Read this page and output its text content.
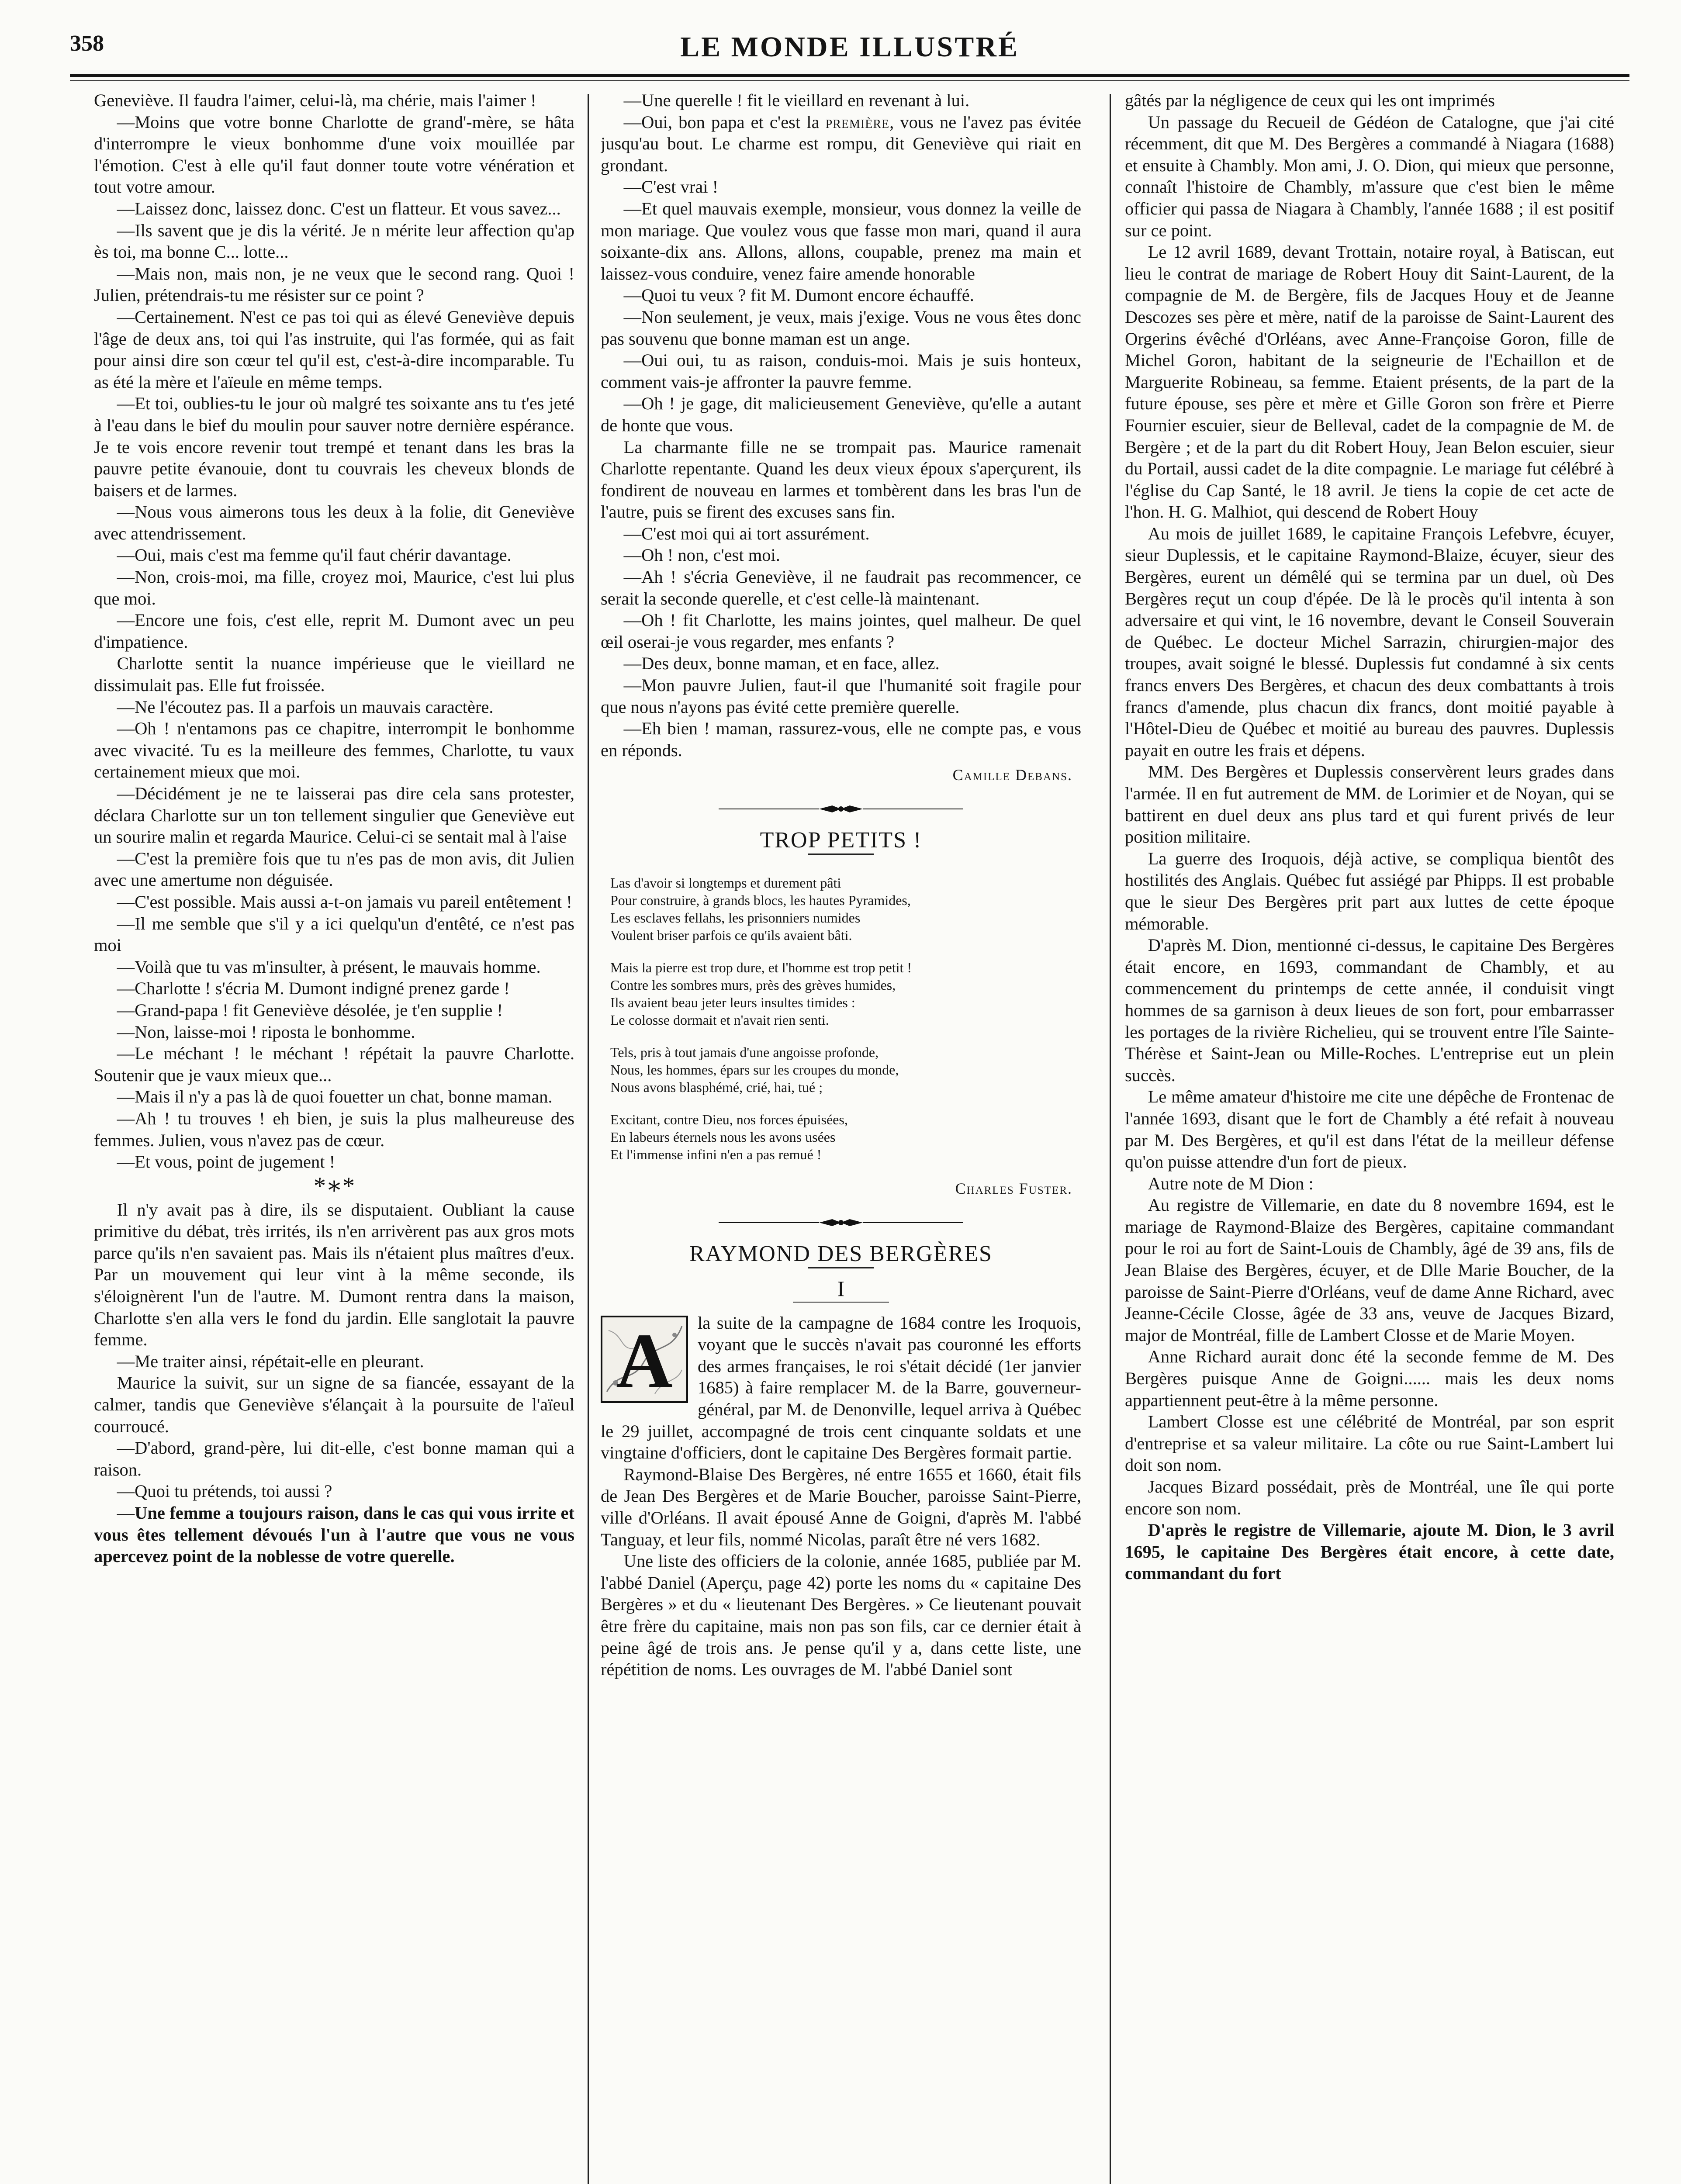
358	LE MONDE ILLUSTRÉ

Geneviève. Il faudra l'aimer, celui-là, ma chérie, mais l'aimer !

—Moins que votre bonne Charlotte de grand'-mère, se hâta d'interrompre le vieux bonhomme d'une voix mouillée par l'émotion. C'est à elle qu'il faut donner toute votre vénération et tout votre amour.

—Laissez donc, laissez donc. C'est un flatteur. Et vous savez...

—Ils savent que je dis la vérité. Je n mérite leur affection qu'ap ès toi, ma bonne C... lotte...

—Mais non, mais non, je ne veux que le second rang. Quoi ! Julien, prétendrais-tu me résister sur ce point ?

—Certainement. N'est ce pas toi qui as élevé Geneviève depuis l'âge de deux ans, toi qui l'as instruite, qui l'as formée, qui as fait pour ainsi dire son cœur tel qu'il est, c'est-à-dire incomparable. Tu as été la mère et l'aïeule en même temps.

—Et toi, oublies-tu le jour où malgré tes soixante ans tu t'es jeté à l'eau dans le bief du moulin pour sauver notre dernière espérance. Je te vois encore revenir tout trempé et tenant dans les bras la pauvre petite évanouie, dont tu couvrais les cheveux blonds de baisers et de larmes.

—Nous vous aimerons tous les deux à la folie, dit Geneviève avec attendrissement.

—Oui, mais c'est ma femme qu'il faut chérir davantage.

—Non, crois-moi, ma fille, croyez moi, Maurice, c'est lui plus que moi.

—Encore une fois, c'est elle, reprit M. Dumont avec un peu d'impatience.

Charlotte sentit la nuance impérieuse que le vieillard ne dissimulait pas. Elle fut froissée.

—Ne l'écoutez pas. Il a parfois un mauvais caractère.

—Oh ! n'entamons pas ce chapitre, interrompit le bonhomme avec vivacité. Tu es la meilleure des femmes, Charlotte, tu vaux certainement mieux que moi.

—Décidément je ne te laisserai pas dire cela sans protester, déclara Charlotte sur un ton tellement singulier que Geneviève eut un sourire malin et regarda Maurice. Celui-ci se sentait mal à l'aise

—C'est la première fois que tu n'es pas de mon avis, dit Julien avec une amertume non déguisée.

—C'est possible. Mais aussi a-t-on jamais vu pareil entêtement !

—Il me semble que s'il y a ici quelqu'un d'entêté, ce n'est pas moi

—Voilà que tu vas m'insulter, à présent, le mauvais homme.

—Charlotte ! s'écria M. Dumont indigné prenez garde !

—Grand-papa ! fit Geneviève désolée, je t'en supplie !

—Non, laisse-moi ! riposta le bonhomme.

—Le méchant ! le méchant ! répétait la pauvre Charlotte. Soutenir que je vaux mieux que...

—Mais il n'y a pas là de quoi fouetter un chat, bonne maman.

—Ah ! tu trouves ! eh bien, je suis la plus malheureuse des femmes. Julien, vous n'avez pas de cœur.

—Et vous, point de jugement !

*∗*

Il n'y avait pas à dire, ils se disputaient. Oubliant la cause primitive du débat, très irrités, ils n'en arrivèrent pas aux gros mots parce qu'ils n'en savaient pas. Mais ils n'étaient plus maîtres d'eux. Par un mouvement qui leur vint à la même seconde, ils s'éloignèrent l'un de l'autre. M. Dumont rentra dans la maison, Charlotte s'en alla vers le fond du jardin. Elle sanglotait la pauvre femme.

—Me traiter ainsi, répétait-elle en pleurant.

Maurice la suivit, sur un signe de sa fiancée, essayant de la calmer, tandis que Geneviève s'élançait à la poursuite de l'aïeul courroucé.

—D'abord, grand-père, lui dit-elle, c'est bonne maman qui a raison.

—Quoi tu prétends, toi aussi ?

—Une femme a toujours raison, dans le cas qui vous irrite et vous êtes tellement dévoués l'un à l'autre que vous ne vous apercevez point de la noblesse de votre querelle.

—Une querelle ! fit le vieillard en revenant à lui.

—Oui, bon papa et c'est la première, vous ne l'avez pas évitée jusqu'au bout. Le charme est rompu, dit Geneviève qui riait en grondant.

—C'est vrai !

—Et quel mauvais exemple, monsieur, vous donnez la veille de mon mariage. Que voulez vous que fasse mon mari, quand il aura soixante-dix ans. Allons, allons, coupable, prenez ma main et laissez-vous conduire, venez faire amende honorable

—Quoi tu veux ? fit M. Dumont encore échauffé.

—Non seulement, je veux, mais j'exige. Vous ne vous êtes donc pas souvenu que bonne maman est un ange.

—Oui oui, tu as raison, conduis-moi. Mais je suis honteux, comment vais-je affronter la pauvre femme.

—Oh ! je gage, dit malicieusement Geneviève, qu'elle a autant de honte que vous.

La charmante fille ne se trompait pas. Maurice ramenait Charlotte repentante. Quand les deux vieux époux s'aperçurent, ils fondirent de nouveau en larmes et tombèrent dans les bras l'un de l'autre, puis se firent des excuses sans fin.

—C'est moi qui ai tort assurément.

—Oh ! non, c'est moi.

—Ah ! s'écria Geneviève, il ne faudrait pas recommencer, ce serait la seconde querelle, et c'est celle-là maintenant.

—Oh ! fit Charlotte, les mains jointes, quel malheur. De quel œil oserai-je vous regarder, mes enfants ?

—Des deux, bonne maman, et en face, allez.

—Mon pauvre Julien, faut-il que l'humanité soit fragile pour que nous n'ayons pas évité cette première querelle.

—Eh bien ! maman, rassurez-vous, elle ne compte pas, e vous en réponds.

Camille Debans.

TROP PETITS !

Las d'avoir si longtemps et durement pâti
Pour construire, à grands blocs, les hautes Pyramides,
Les esclaves fellahs, les prisonniers numides
Voulent briser parfois ce qu'ils avaient bâti.
Mais la pierre est trop dure, et l'homme est trop petit !
Contre les sombres murs, près des grèves humides,
Ils avaient beau jeter leurs insultes timides :
Le colosse dormait et n'avait rien senti.
Tels, pris à tout jamais d'une angoisse profonde,
Nous, les hommes, épars sur les croupes du monde,
Nous avons blasphémé, crié, hai, tué ;
Excitant, contre Dieu, nos forces épuisées,
En labeurs éternels nous les avons usées
Et l'immense infini n'en a pas remué !

Charles Fuster.

RAYMOND DES BERGÈRES

I

A	la suite de la campagne de 1684 contre les Iroquois, voyant que le succès n'avait pas couronné les efforts des armes françaises, le roi s'était décidé (1er janvier 1685) à faire remplacer M. de la Barre, gouverneur-général, par M. de Denonville, lequel arriva à Québec le 29 juillet, accompagné de trois cent cinquante soldats et une vingtaine d'officiers, dont le capitaine Des Bergères formait partie.

Raymond-Blaise Des Bergères, né entre 1655 et 1660, était fils de Jean Des Bergères et de Marie Boucher, paroisse Saint-Pierre, ville d'Orléans. Il avait épousé Anne de Goigni, d'après M. l'abbé Tanguay, et leur fils, nommé Nicolas, paraît être né vers 1682.

Une liste des officiers de la colonie, année 1685, publiée par M. l'abbé Daniel (Aperçu, page 42) porte les noms du « capitaine Des Bergères » et du « lieutenant Des Bergères. » Ce lieutenant pouvait être frère du capitaine, mais non pas son fils, car ce dernier était à peine âgé de trois ans. Je pense qu'il y a, dans cette liste, une répétition de noms. Les ouvrages de M. l'abbé Daniel sont

gâtés par la négligence de ceux qui les ont imprimés

Un passage du Recueil de Gédéon de Catalogne, que j'ai cité récemment, dit que M. Des Bergères a commandé à Niagara (1688) et ensuite à Chambly. Mon ami, J. O. Dion, qui mieux que personne, connaît l'histoire de Chambly, m'assure que c'est bien le même officier qui passa de Niagara à Chambly, l'année 1688 ; il est positif sur ce point.

Le 12 avril 1689, devant Trottain, notaire royal, à Batiscan, eut lieu le contrat de mariage de Robert Houy dit Saint-Laurent, de la compagnie de M. de Bergère, fils de Jacques Houy et de Jeanne Descozes ses père et mère, natif de la paroisse de Saint-Laurent des Orgerins évêché d'Orléans, avec Anne-Françoise Goron, fille de Michel Goron, habitant de la seigneurie de l'Echaillon et de Marguerite Robineau, sa femme. Etaient présents, de la part de la future épouse, ses père et mère et Gille Goron son frère et Pierre Fournier escuier, sieur de Belleval, cadet de la compagnie de M. de Bergère ; et de la part du dit Robert Houy, Jean Belon escuier, sieur du Portail, aussi cadet de la dite compagnie. Le mariage fut célébré à l'église du Cap Santé, le 18 avril. Je tiens la copie de cet acte de l'hon. H. G. Malhiot, qui descend de Robert Houy

Au mois de juillet 1689, le capitaine François Lefebvre, écuyer, sieur Duplessis, et le capitaine Raymond-Blaize, écuyer, sieur des Bergères, eurent un démêlé qui se termina par un duel, où Des Bergères reçut un coup d'épée. De là le procès qu'il intenta à son adversaire et qui vint, le 16 novembre, devant le Conseil Souverain de Québec. Le docteur Michel Sarrazin, chirurgien-major des troupes, avait soigné le blessé. Duplessis fut condamné à six cents francs envers Des Bergères, et chacun des deux combattants à trois francs d'amende, plus chacun dix francs, dont moitié payable à l'Hôtel-Dieu de Québec et moitié au bureau des pauvres. Duplessis payait en outre les frais et dépens.

MM. Des Bergères et Duplessis conservèrent leurs grades dans l'armée. Il en fut autrement de MM. de Lorimier et de Noyan, qui se battirent en duel deux ans plus tard et qui furent privés de leur position militaire.

La guerre des Iroquois, déjà active, se compliqua bientôt des hostilités des Anglais. Québec fut assiégé par Phipps. Il est probable que le sieur Des Bergères prit part aux luttes de cette époque mémorable.

D'après M. Dion, mentionné ci-dessus, le capitaine Des Bergères était encore, en 1693, commandant de Chambly, et au commencement du printemps de cette année, il conduisit vingt hommes de sa garnison à deux lieues de son fort, pour embarrasser les portages de la rivière Richelieu, qui se trouvent entre l'île Sainte-Thérèse et Saint-Jean ou Mille-Roches. L'entreprise eut un plein succès.

Le même amateur d'histoire me cite une dépêche de Frontenac de l'année 1693, disant que le fort de Chambly a été refait à nouveau par M. Des Bergères, et qu'il est dans l'état de la meilleur défense qu'on puisse attendre d'un fort de pieux.

Autre note de M Dion :

Au registre de Villemarie, en date du 8 novembre 1694, est le mariage de Raymond-Blaize des Bergères, capitaine commandant pour le roi au fort de Saint-Louis de Chambly, âgé de 39 ans, fils de Jean Blaise des Bergères, écuyer, et de Dlle Marie Boucher, de la paroisse de Saint-Pierre d'Orléans, veuf de dame Anne Richard, avec Jeanne-Cécile Closse, âgée de 33 ans, veuve de Jacques Bizard, major de Montréal, fille de Lambert Closse et de Marie Moyen.

Anne Richard aurait donc été la seconde femme de M. Des Bergères puisque Anne de Goigni...... mais les deux noms appartiennent peut-être à la même personne.

Lambert Closse est une célébrité de Montréal, par son esprit d'entreprise et sa valeur militaire. La côte ou rue Saint-Lambert lui doit son nom.

Jacques Bizard possédait, près de Montréal, une île qui porte encore son nom.

D'après le registre de Villemarie, ajoute M. Dion, le 3 avril 1695, le capitaine Des Bergères était encore, à cette date, commandant du fort
